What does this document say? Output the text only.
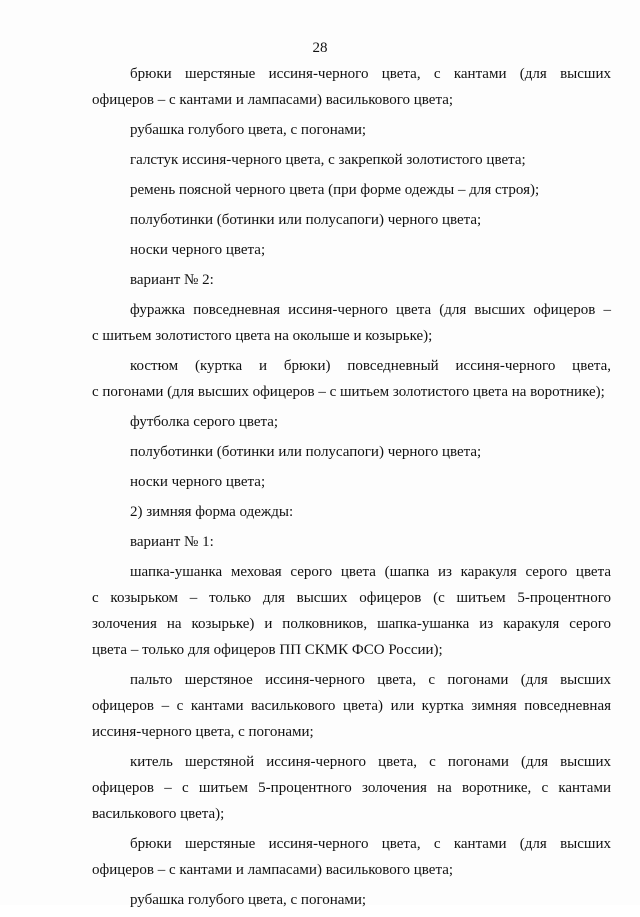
28
брюки шерстяные иссиня-черного цвета, с кантами (для высших
офицеров – с кантами и лампасами) василькового цвета;
рубашка голубого цвета, с погонами;
галстук иссиня-черного цвета, с закрепкой золотистого цвета;
ремень поясной черного цвета (при форме одежды – для строя);
полуботинки (ботинки или полусапоги) черного цвета;
носки черного цвета;
вариант № 2:
фуражка повседневная иссиня-черного цвета (для высших офицеров –
с шитьем золотистого цвета на околыше и козырьке);
костюм (куртка и брюки) повседневный иссиня-черного цвета,
с погонами (для высших офицеров – с шитьем золотистого цвета на воротнике);
футболка серого цвета;
полуботинки (ботинки или полусапоги) черного цвета;
носки черного цвета;
2) зимняя форма одежды:
вариант № 1:
шапка-ушанка меховая серого цвета (шапка из каракуля серого цвета
с козырьком – только для высших офицеров (с шитьем 5-процентного
золочения на козырьке) и полковников, шапка-ушанка из каракуля серого
цвета – только для офицеров ПП СКМК ФСО России);
пальто шерстяное иссиня-черного цвета, с погонами (для высших
офицеров – с кантами василькового цвета) или куртка зимняя повседневная
иссиня-черного цвета, с погонами;
китель шерстяной иссиня-черного цвета, с погонами (для высших
офицеров – с шитьем 5-процентного золочения на воротнике, с кантами
василькового цвета);
брюки шерстяные иссиня-черного цвета, с кантами (для высших
офицеров – с кантами и лампасами) василькового цвета;
рубашка голубого цвета, с погонами;
